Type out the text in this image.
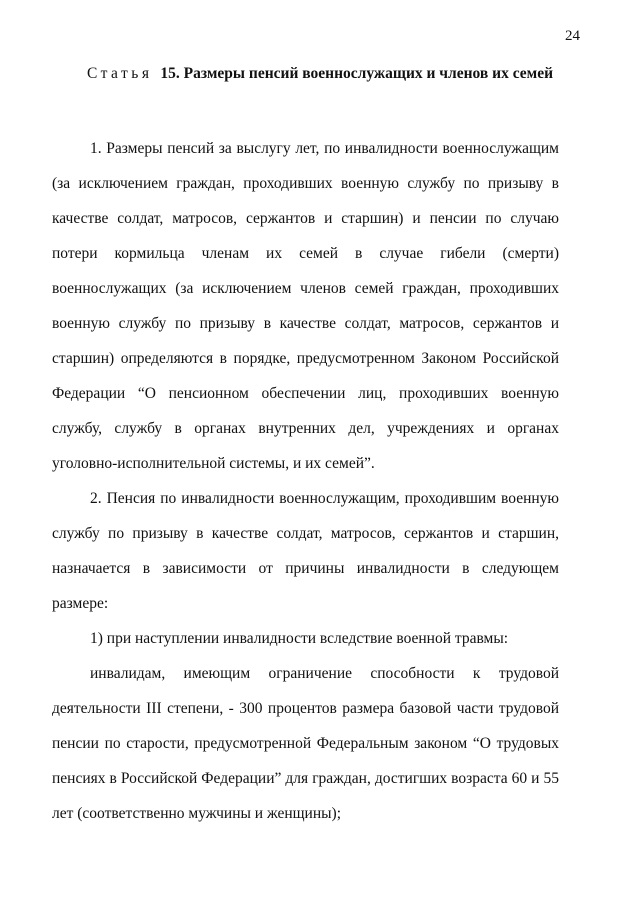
24
Статья 15. Размеры пенсий военнослужащих и членов их семей

1. Размеры пенсий за выслугу лет, по инвалидности военнослужащим (за исключением граждан, проходивших военную службу по призыву в качестве солдат, матросов, сержантов и старшин) и пенсии по случаю потери кормильца членам их семей в случае гибели (смерти) военнослужащих (за исключением членов семей граждан, проходивших военную службу по призыву в качестве солдат, матросов, сержантов и старшин) определяются в порядке, предусмотренном Законом Российской Федерации “О пенсионном обеспечении лиц, проходивших военную службу, службу в органах внутренних дел, учреждениях и органах уголовно-исполнительной системы, и их семей”.

2. Пенсия по инвалидности военнослужащим, проходившим военную службу по призыву в качестве солдат, матросов, сержантов и старшин, назначается в зависимости от причины инвалидности в следующем размере:

1) при наступлении инвалидности вследствие военной травмы:

инвалидам, имеющим ограничение способности к трудовой деятельности III степени, - 300 процентов размера базовой части трудовой пенсии по старости, предусмотренной Федеральным законом “О трудовых пенсиях в Российской Федерации” для граждан, достигших возраста 60 и 55 лет (соответственно мужчины и женщины);
